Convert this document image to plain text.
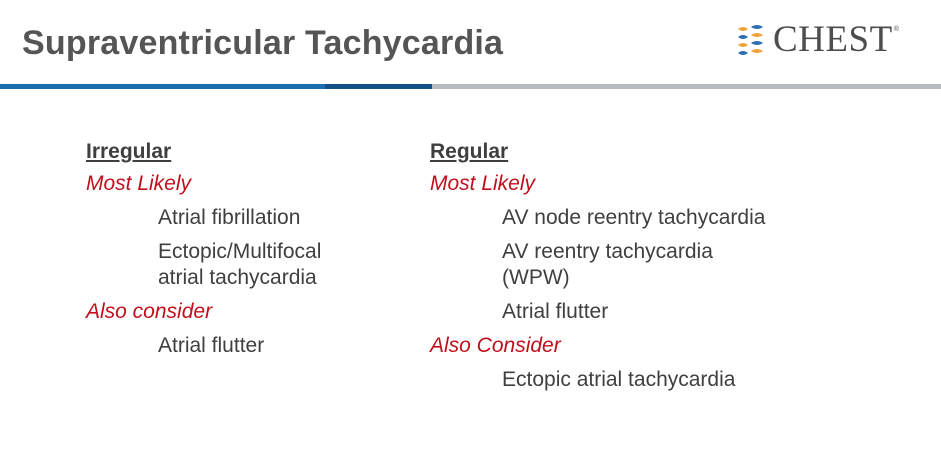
Supraventricular Tachycardia	CHEST ®

Irregular

Most Likely

Atrial fibrillation

Ectopic/Multifocal
atrial tachycardia

Also consider

Atrial flutter

Regular

Most Likely

AV node reentry tachycardia

AV reentry tachycardia
(WPW)

Atrial flutter

Also Consider

Ectopic atrial tachycardia
